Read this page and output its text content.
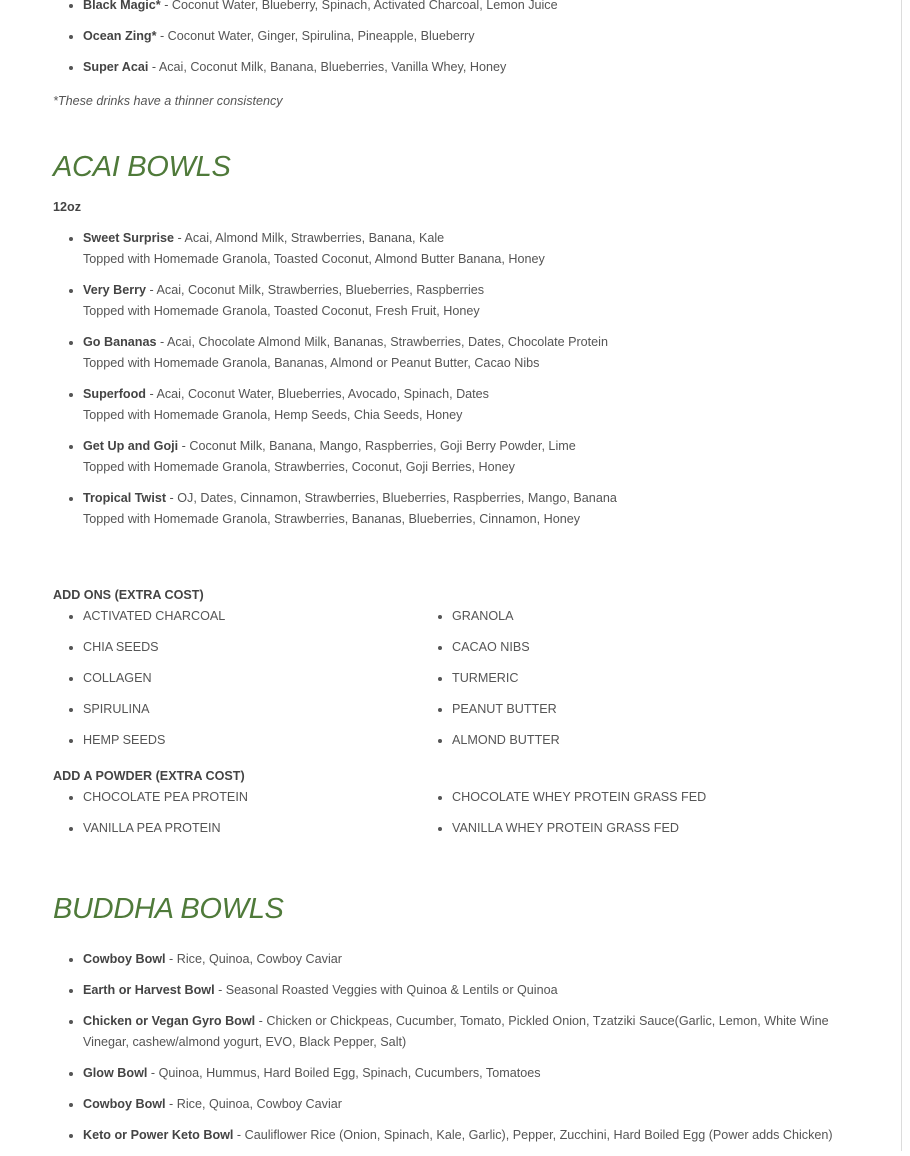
• Black Magic* - Coconut Water, Blueberry, Spinach, Activated Charcoal, Lemon Juice
• Ocean Zing* - Coconut Water, Ginger, Spirulina, Pineapple, Blueberry
• Super Acai - Acai, Coconut Milk, Banana, Blueberries, Vanilla Whey, Honey
*These drinks have a thinner consistency
ACAI BOWLS
12oz
• Sweet Surprise - Acai, Almond Milk, Strawberries, Banana, Kale
Topped with Homemade Granola, Toasted Coconut, Almond Butter Banana, Honey
• Very Berry - Acai, Coconut Milk, Strawberries, Blueberries, Raspberries
Topped with Homemade Granola, Toasted Coconut, Fresh Fruit, Honey
• Go Bananas - Acai, Chocolate Almond Milk, Bananas, Strawberries, Dates, Chocolate Protein
Topped with Homemade Granola, Bananas, Almond or Peanut Butter, Cacao Nibs
• Superfood - Acai, Coconut Water, Blueberries, Avocado, Spinach, Dates
Topped with Homemade Granola, Hemp Seeds, Chia Seeds, Honey
• Get Up and Goji - Coconut Milk, Banana, Mango, Raspberries, Goji Berry Powder, Lime
Topped with Homemade Granola, Strawberries, Coconut, Goji Berries, Honey
• Tropical Twist - OJ, Dates, Cinnamon, Strawberries, Blueberries, Raspberries, Mango, Banana
Topped with Homemade Granola, Strawberries, Bananas, Blueberries, Cinnamon, Honey
ADD ONS (EXTRA COST)
• ACTIVATED CHARCOAL
• CHIA SEEDS
• COLLAGEN
• SPIRULINA
• HEMP SEEDS
• GRANOLA
• CACAO NIBS
• TURMERIC
• PEANUT BUTTER
• ALMOND BUTTER
ADD A POWDER (EXTRA COST)
• CHOCOLATE PEA PROTEIN
• VANILLA PEA PROTEIN
• CHOCOLATE WHEY PROTEIN GRASS FED
• VANILLA WHEY PROTEIN GRASS FED
BUDDHA BOWLS
• Cowboy Bowl - Rice, Quinoa, Cowboy Caviar
• Earth or Harvest Bowl - Seasonal Roasted Veggies with Quinoa & Lentils or Quinoa
• Chicken or Vegan Gyro Bowl - Chicken or Chickpeas, Cucumber, Tomato, Pickled Onion, Tzatziki Sauce(Garlic, Lemon, White Wine Vinegar, cashew/almond yogurt, EVO, Black Pepper, Salt)
• Glow Bowl - Quinoa, Hummus, Hard Boiled Egg, Spinach, Cucumbers, Tomatoes
• Cowboy Bowl - Rice, Quinoa, Cowboy Caviar
• Keto or Power Keto Bowl - Cauliflower Rice (Onion, Spinach, Kale, Garlic), Pepper, Zucchini, Hard Boiled Egg (Power adds Chicken)
